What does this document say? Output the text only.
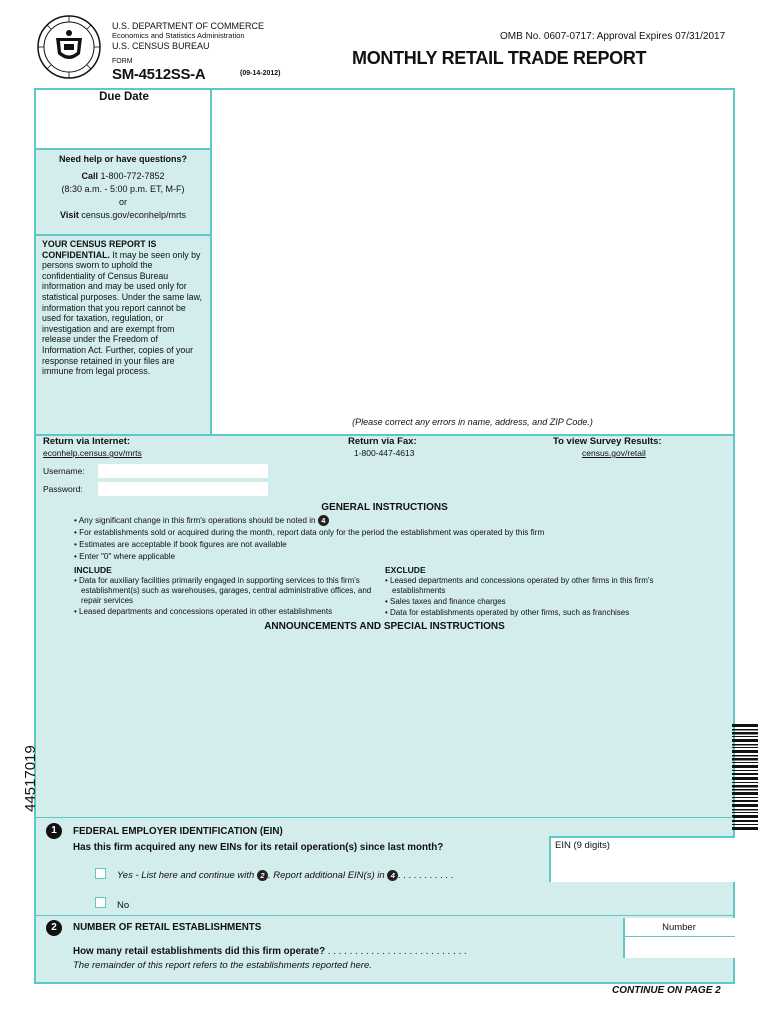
U.S. DEPARTMENT OF COMMERCE
Economics and Statistics Administration
U.S. CENSUS BUREAU
FORM
SM-4512SS-A	(09-14-2012)
OMB No. 0607-0717: Approval Expires 07/31/2017
MONTHLY RETAIL TRADE REPORT
Due Date
Need help or have questions?
Call 1-800-772-7852
(8:30 a.m. - 5:00 p.m. ET, M-F)
or
Visit census.gov/econhelp/mrts
YOUR CENSUS REPORT IS CONFIDENTIAL. It may be seen only by persons sworn to uphold the confidentiality of Census Bureau information and may be used only for statistical purposes. Under the same law, information that you report cannot be used for taxation, regulation, or investigation and are exempt from release under the Freedom of Information Act. Further, copies of your response retained in your files are immune from legal process.
(Please correct any errors in name, address, and ZIP Code.)
Return via Internet:
econhelp.census.gov/mrts
Return via Fax:
1-800-447-4613
To view Survey Results:
census.gov/retail
Username:
Password:
GENERAL INSTRUCTIONS
• Any significant change in this firm's operations should be noted in 4
• For establishments sold or acquired during the month, report data only for the period the establishment was operated by this firm
• Estimates are acceptable if book figures are not available
• Enter "0" where applicable
INCLUDE	EXCLUDE
• Data for auxiliary facilities primarily engaged in supporting services to this firm's establishment(s) such as warehouses, garages, central administrative offices, and repair services
• Leased departments and concessions operated in other establishments
• Leased departments and concessions operated by other firms in this firm's establishments
• Sales taxes and finance charges
• Data for establishments operated by other firms, such as franchises
ANNOUNCEMENTS AND SPECIAL INSTRUCTIONS
44517019
1	FEDERAL EMPLOYER IDENTIFICATION (EIN)
Has this firm acquired any new EINs for its retail operation(s) since last month?	EIN (9 digits)
Yes - List here and continue with 2 . Report additional EIN(s) in 4 . . . . . . . . . . .
No
2	NUMBER OF RETAIL ESTABLISHMENTS	Number
How many retail establishments did this firm operate? . . . . . . . . . . . . . . . . . . . . . . . . . .
The remainder of this report refers to the establishments reported here.
CONTINUE ON PAGE 2
